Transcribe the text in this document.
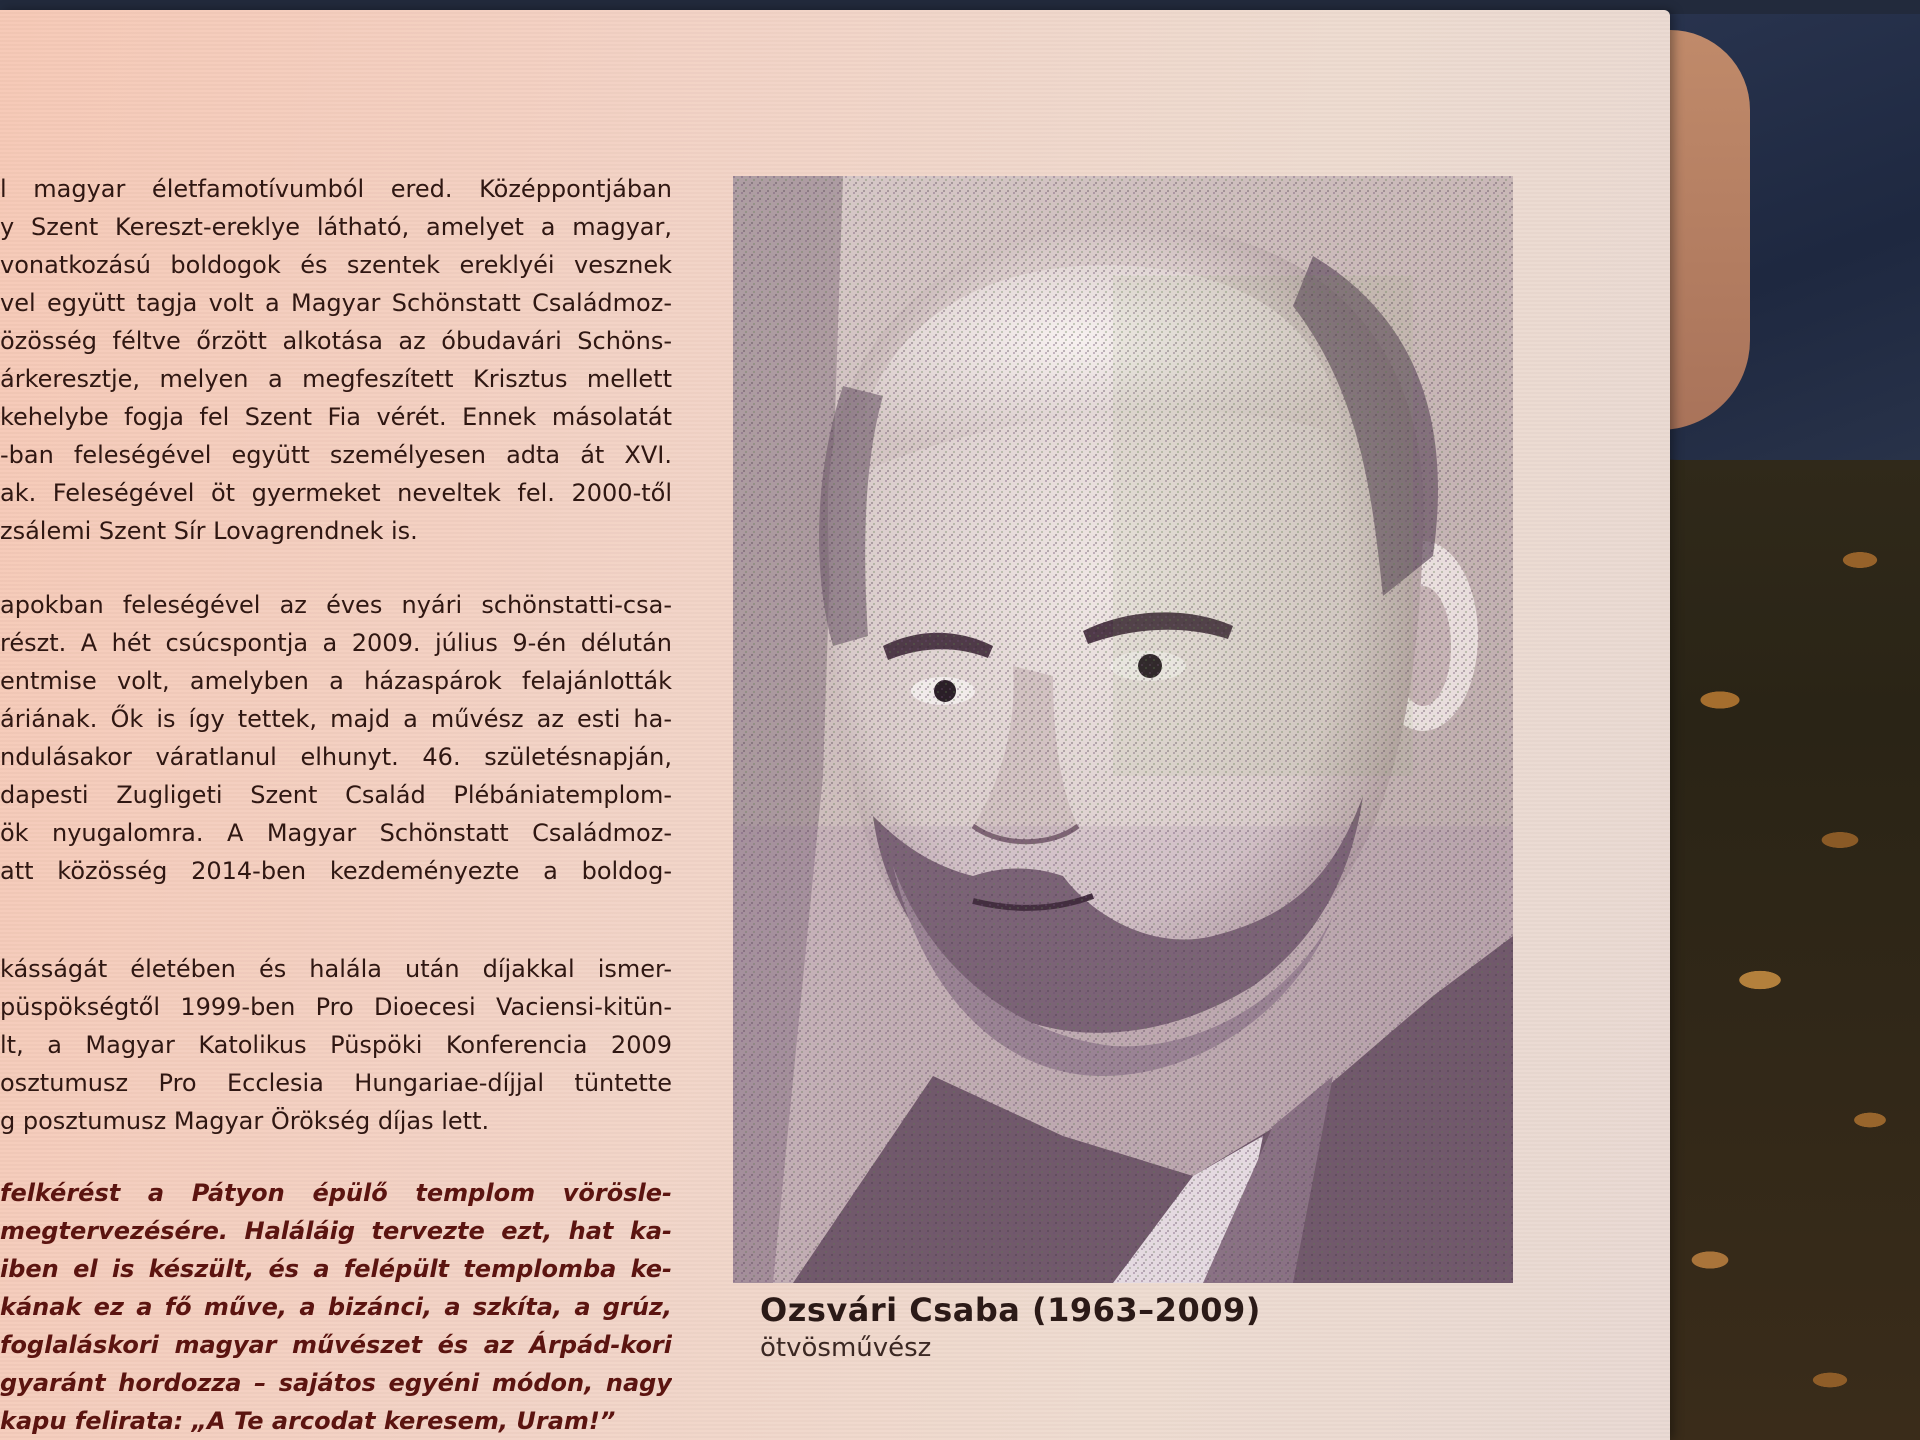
l magyar életfamotívumból ered. Középpontjában
y Szent Kereszt-ereklye látható, amelyet a magyar,
vonatkozású boldogok és szentek ereklyéi vesznek
vel együtt tagja volt a Magyar Schönstatt Családmoz-
özösség féltve őrzött alkotása az óbudavári Schöns-
árkeresztje, melyen a megfeszített Krisztus mellett
kehelybe fogja fel Szent Fia vérét. Ennek másolatát
-ban feleségével együtt személyesen adta át XVI.
ak. Feleségével öt gyermeket neveltek fel. 2000-től
zsálemi Szent Sír Lovagrendnek is.
apokban feleségével az éves nyári schönstatti-csa-
részt. A hét csúcspontja a 2009. július 9-én délután
entmise volt, amelyben a házaspárok felajánlották
áriának. Ők is így tettek, majd a művész az esti ha-
ndulásakor váratlanul elhunyt. 46. születésnapján,
dapesti Zugligeti Szent Család Plébániatemplom-
ök nyugalomra. A Magyar Schönstatt Családmoz-
att közösség 2014-ben kezdeményezte a boldog-
kásságát életében és halála után díjakkal ismer-
püspökségtől 1999-ben Pro Dioecesi Vaciensi-kitün-
lt, a Magyar Katolikus Püspöki Konferencia 2009
osztumusz Pro Ecclesia Hungariae-díjjal tüntette
g posztumusz Magyar Örökség díjas lett.
felkérést a Pátyon épülő templom vörösle-
megtervezésére. Haláláig tervezte ezt, hat ka-
iben el is készült, és a felépült templomba ke-
kának ez a fő műve, a bizánci, a szkíta, a grúz,
foglaláskori magyar művészet és az Árpád-kori
gyaránt hordozza – sajátos egyéni módon, nagy
kapu felirata: „A Te arcodat keresem, Uram!”
Ozsvári Csaba (1963–2009)
ötvösművész
